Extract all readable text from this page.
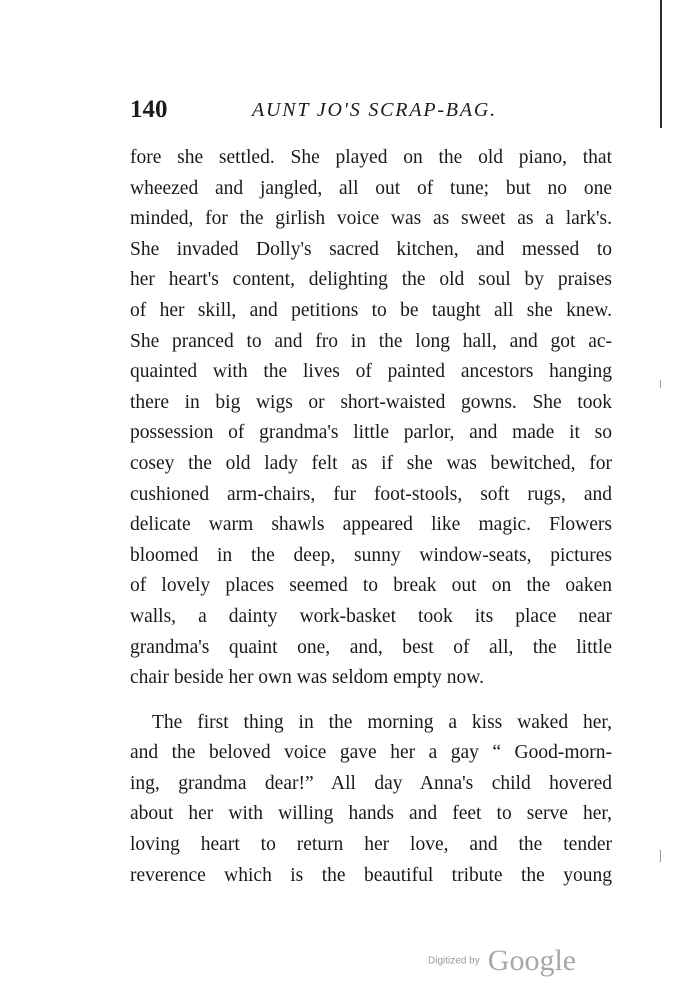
140	AUNT JO'S SCRAP-BAG.
fore she settled. She played on the old piano, that
wheezed and jangled, all out of tune; but no one
minded, for the girlish voice was as sweet as a lark's.
She invaded Dolly's sacred kitchen, and messed to
her heart's content, delighting the old soul by praises
of her skill, and petitions to be taught all she knew.
She pranced to and fro in the long hall, and got ac-
quainted with the lives of painted ancestors hanging
there in big wigs or short-waisted gowns. She took
possession of grandma's little parlor, and made it so
cosey the old lady felt as if she was bewitched, for
cushioned arm-chairs, fur foot-stools, soft rugs, and
delicate warm shawls appeared like magic. Flowers
bloomed in the deep, sunny window-seats, pictures
of lovely places seemed to break out on the oaken
walls, a dainty work-basket took its place near
grandma's quaint one, and, best of all, the little
chair beside her own was seldom empty now.
The first thing in the morning a kiss waked her,
and the beloved voice gave her a gay “ Good-morn-
ing, grandma dear!” All day Anna's child hovered
about her with willing hands and feet to serve her,
loving heart to return her love, and the tender
reverence which is the beautiful tribute the young
Digitized by Google
